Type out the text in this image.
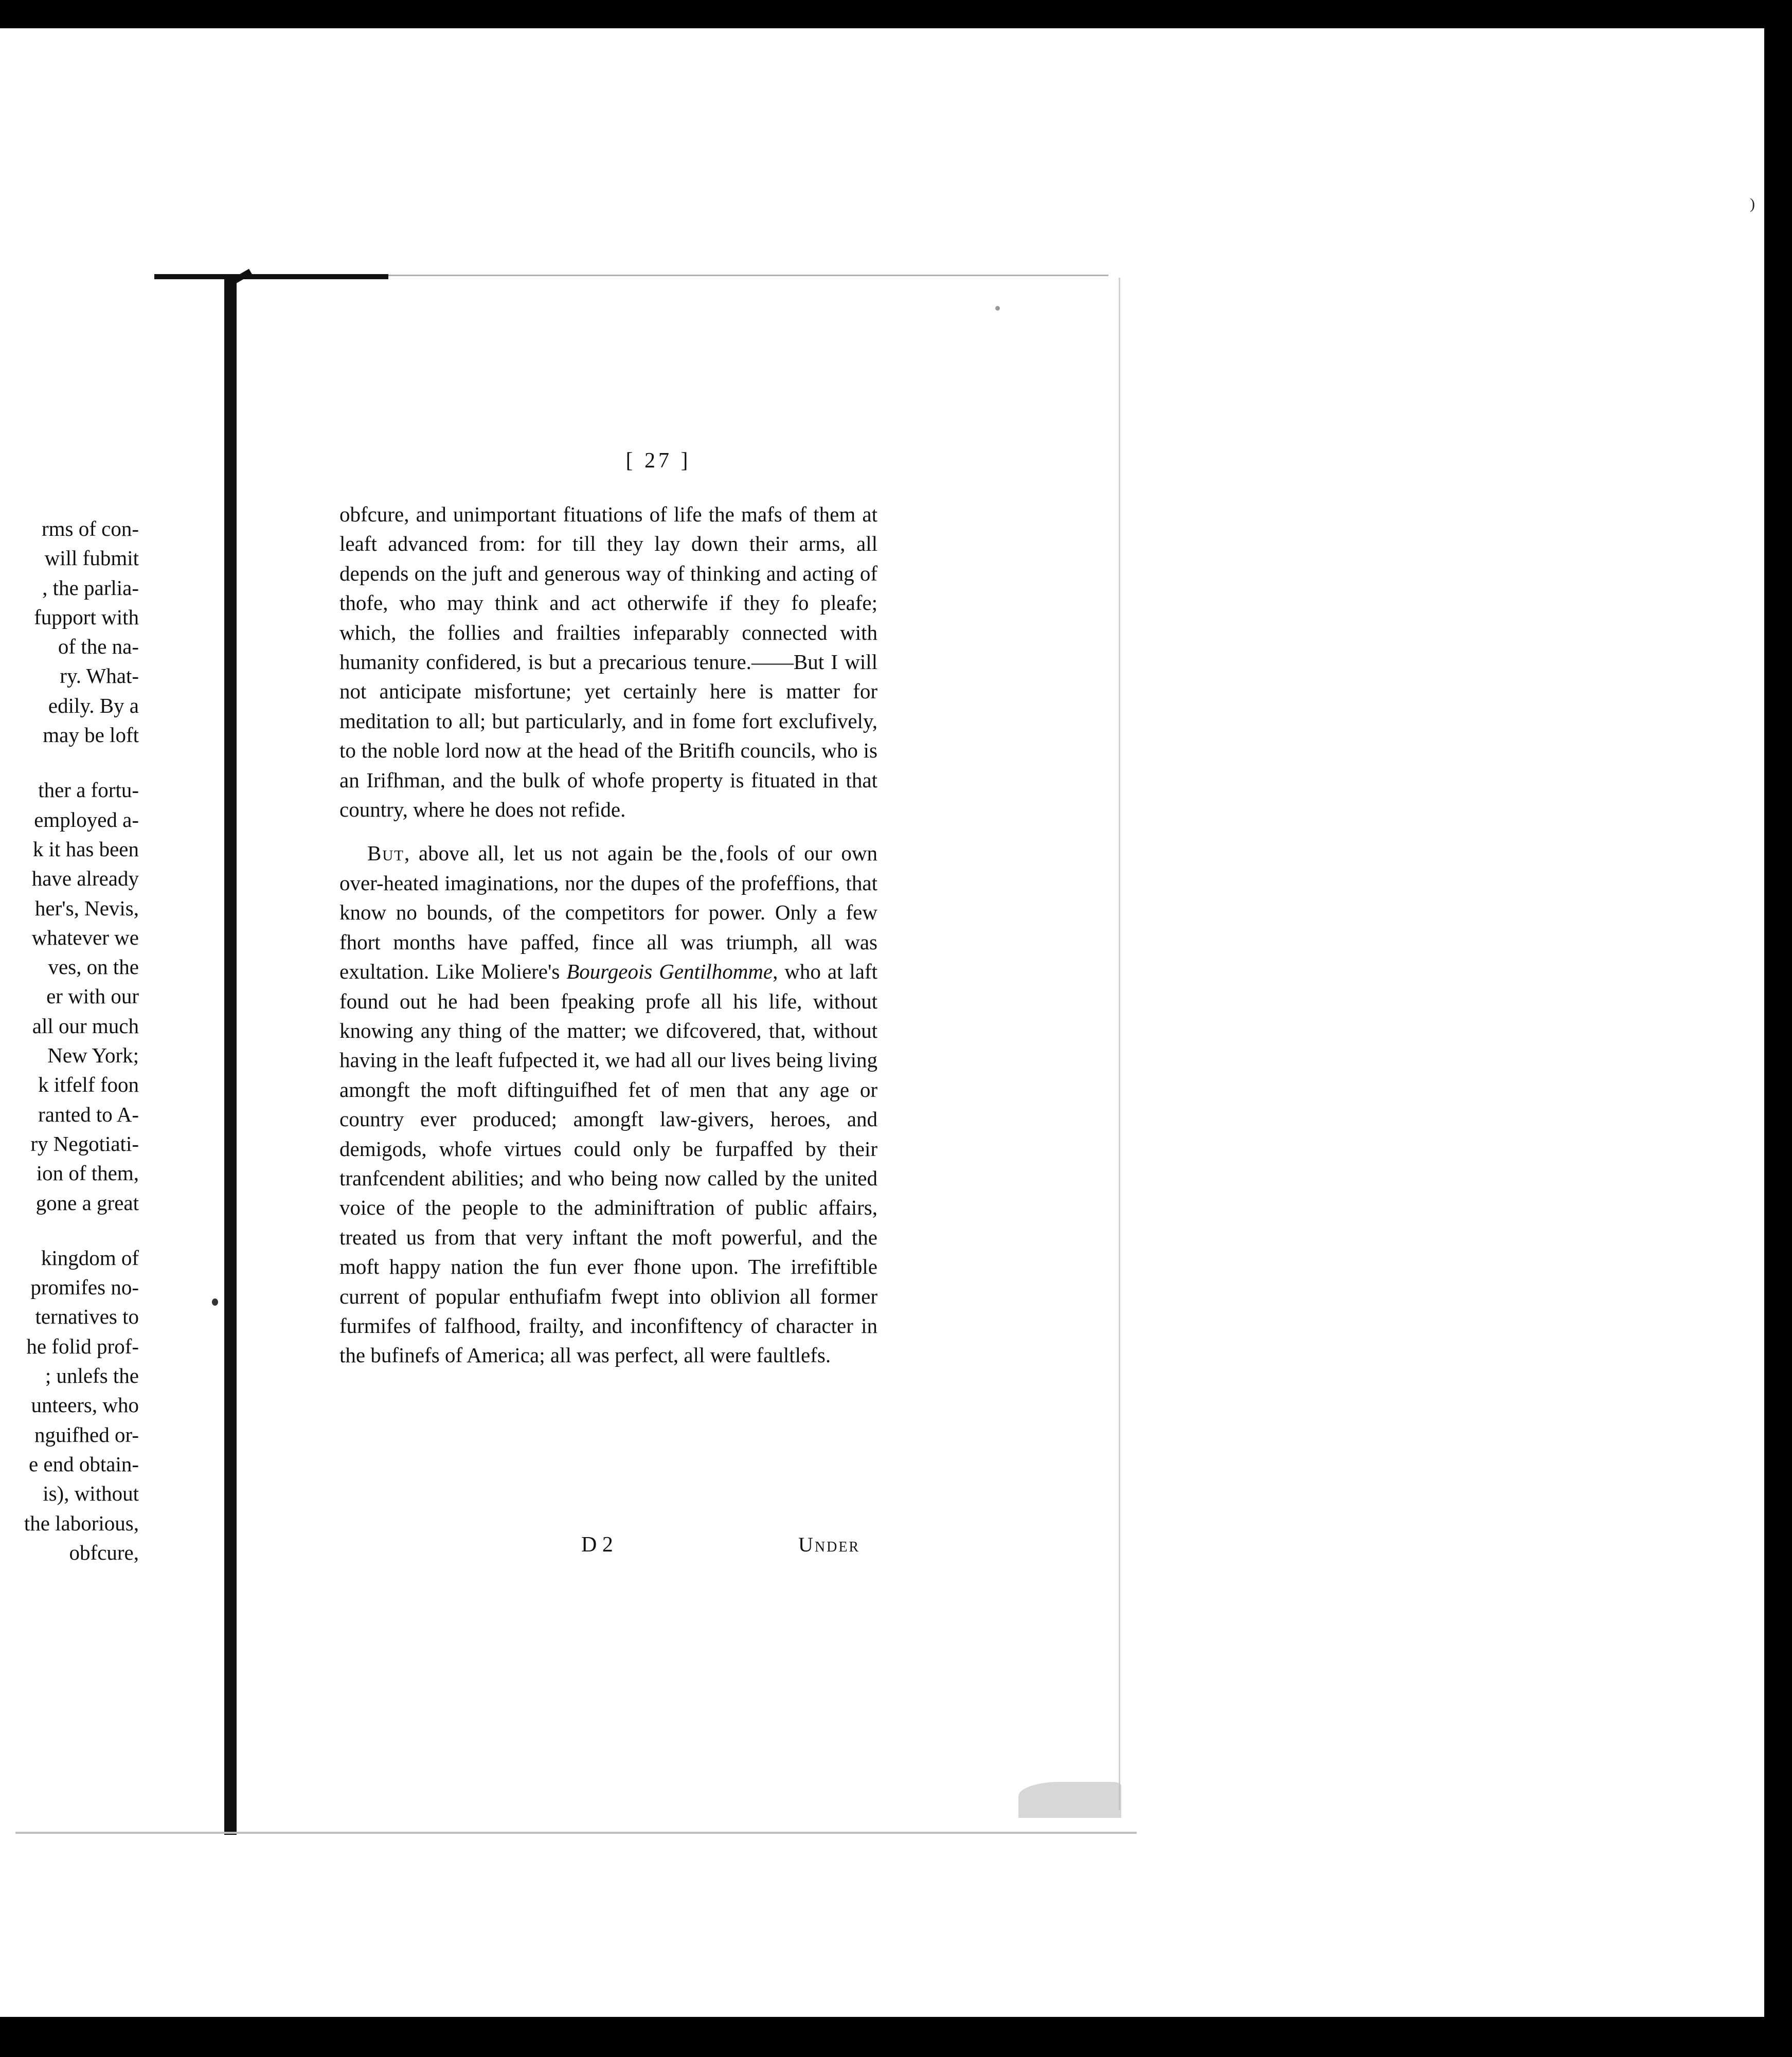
rms of con-
will fubmit
, the parlia-
fupport with
of the na-
ry. What-
edily. By a
may be loft
ther a fortu-
employed a-
k it has been
have already
her's, Nevis,
whatever we
ves, on the
er with our
all our much
New York;
k itfelf foon
ranted to A-
ry Negotiati-
ion of them,
gone a great
kingdom of
promifes no-
ternatives to
he folid prof-
; unlefs the
unteers, who
nguifhed or-
e end obtain-
is), without
the laborious,
obfcure,
)
[ 27 ]

obfcure, and unimportant fituations of life the mafs of them at leaft advanced from: for till they lay down their arms, all depends on the juft and generous way of thinking and acting of thofe, who may think and act otherwife if they fo pleafe; which, the follies and frailties infeparably connected with humanity confidered, is but a precarious tenure.——But I will not anticipate misfortune; yet certainly here is matter for meditation to all; but particularly, and in fome fort exclufively, to the noble lord now at the head of the Britifh councils, who is an Irifhman, and the bulk of whofe property is fituated in that country, where he does not refide.

But, above all, let us not again be the fools of our own over-heated imaginations, nor the dupes of the profeffions, that know no bounds, of the competitors for power. Only a few fhort months have paffed, fince all was triumph, all was exultation. Like Moliere's Bourgeois Gentilhomme, who at laft found out he had been fpeaking profe all his life, without knowing any thing of the matter; we difcovered, that, without having in the leaft fufpected it, we had all our lives being living amongft the moft diftinguifhed fet of men that any age or country ever produced; amongft law-givers, heroes, and demigods, whofe virtues could only be furpaffed by their tranfcendent abilities; and who being now called by the united voice of the people to the adminiftration of public affairs, treated us from that very inftant the moft powerful, and the moft happy nation the fun ever fhone upon. The irrefiftible current of popular enthufiafm fwept into oblivion all former furmifes of falfhood, frailty, and inconfiftency of character in the bufinefs of America; all was perfect, all were faultlefs.

D 2	Under
